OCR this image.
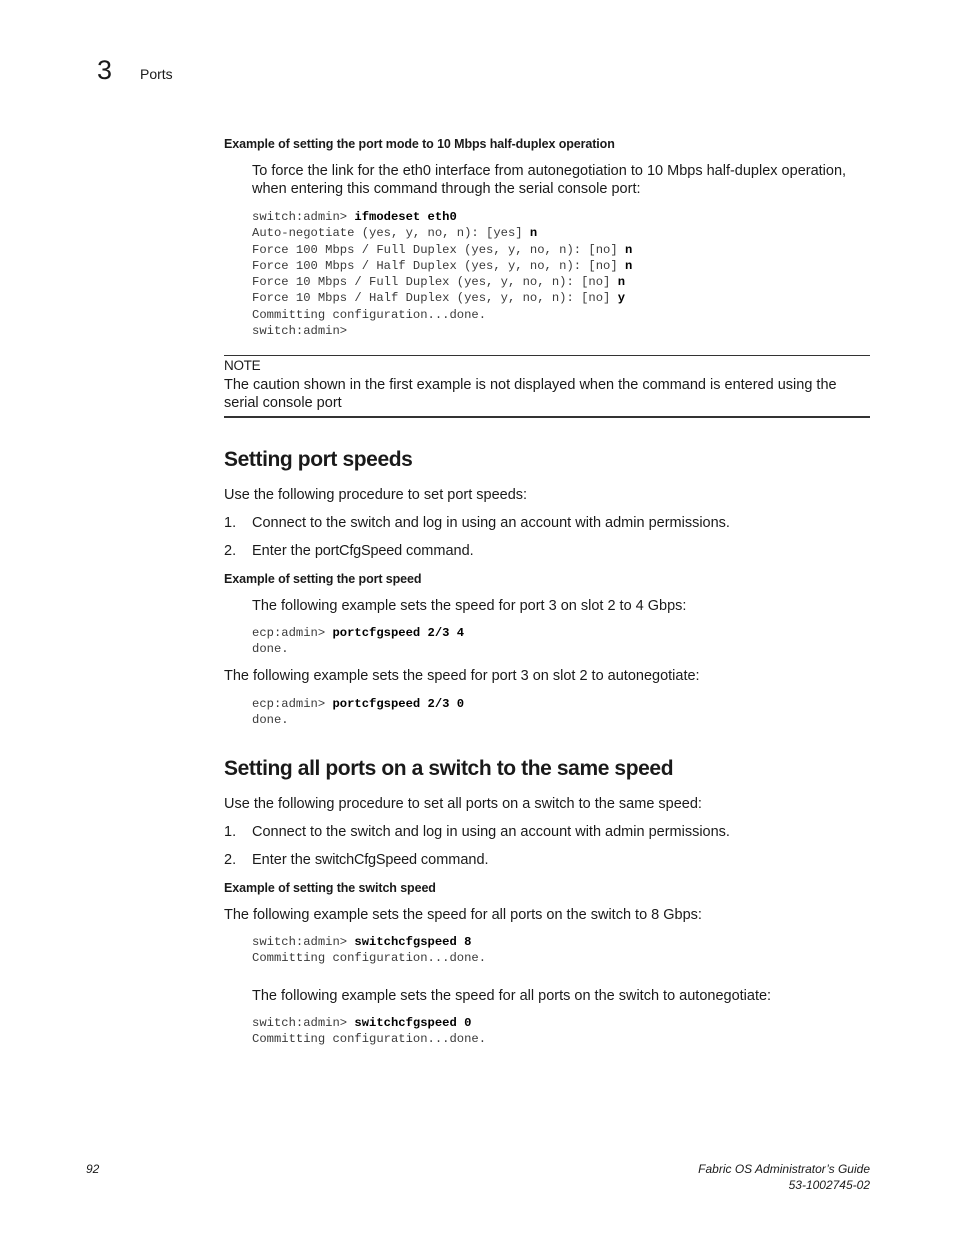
3 Ports
Example of setting the port mode to 10 Mbps half-duplex operation
To force the link for the eth0 interface from autonegotiation to 10 Mbps half-duplex operation, when entering this command through the serial console port:
switch:admin> ifmodeset eth0
Auto-negotiate (yes, y, no, n): [yes] n
Force 100 Mbps / Full Duplex (yes, y, no, n): [no] n
Force 100 Mbps / Half Duplex (yes, y, no, n): [no] n
Force 10 Mbps / Full Duplex (yes, y, no, n): [no] n
Force 10 Mbps / Half Duplex (yes, y, no, n): [no] y
Committing configuration...done.
switch:admin>
NOTE
The caution shown in the first example is not displayed when the command is entered using the serial console port
Setting port speeds
Use the following procedure to set port speeds:
1. Connect to the switch and log in using an account with admin permissions.
2. Enter the portCfgSpeed command.
Example of setting the port speed
The following example sets the speed for port 3 on slot 2 to 4 Gbps:
ecp:admin> portcfgspeed 2/3 4
done.
The following example sets the speed for port 3 on slot 2 to autonegotiate:
ecp:admin> portcfgspeed 2/3 0
done.
Setting all ports on a switch to the same speed
Use the following procedure to set all ports on a switch to the same speed:
1. Connect to the switch and log in using an account with admin permissions.
2. Enter the switchCfgSpeed command.
Example of setting the switch speed
The following example sets the speed for all ports on the switch to 8 Gbps:
switch:admin> switchcfgspeed 8
Committing configuration...done.
The following example sets the speed for all ports on the switch to autonegotiate:
switch:admin> switchcfgspeed 0
Committing configuration...done.
92	Fabric OS Administrator’s Guide
53-1002745-02
